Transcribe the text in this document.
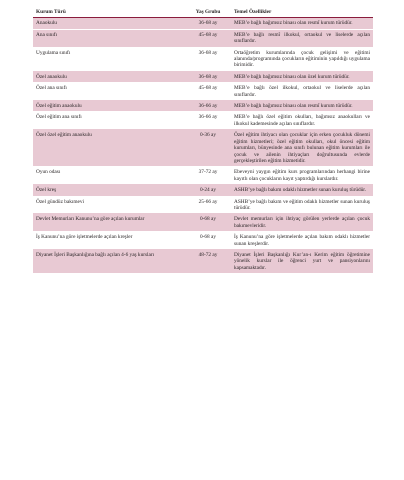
Kurum Türü	Yaş Grubu	Temel Özellikler
Anaokulu	36-68 ay	MEB’e bağlı bağımsız binası olan resmî kurum türüdür.
Ana sınıfı	45-68 ay	MEB’e bağlı resmî ilkokul, ortaokul ve liselerde açılan sınıflardır.
Uygulama sınıfı	36-68 ay	Ortaöğretim kurumlarında çocuk gelişimi ve eğitimi alanında/programında çocukların eğitiminin yapıldığı uygulama birimidir.
Özel anaokulu	36-68 ay	MEB’e bağlı bağımsız binası olan özel kurum türüdür.
Özel ana sınıfı	45-68 ay	MEB’e bağlı özel ilkokul, ortaokul ve liselerde açılan sınıflardır.
Özel eğitim anaokulu	36-66 ay	MEB’e bağlı bağımsız binası olan resmî kurum türüdür.
Özel eğitim ana sınıfı	36-66 ay	MEB’e bağlı özel eğitim okulları, bağımsız anaokulları ve ilkokul kademesinde açılan sınıflardır.
Özel özel eğitim anaokulu	0-36 ay	Özel eğitim ihtiyacı olan çocuklar için erken çocukluk dönemi eğitim hizmetleri; özel eğitim okulları, okul öncesi eğitim kurumları, bünyesinde ana sınıfı bulunan eğitim kurumları ile çocuk ve ailenin ihtiyaçları doğrultusunda evlerde gerçekleştirilen eğitim hizmetidir.
Oyun odası	37-72 ay	Ebeveyni yaygın eğitim kurs programlarından herhangi birine kayıtlı olan çocukların kayıt yaptırdığı kurslardır.
Özel kreş	0-24 ay	ASHB’ye bağlı bakım odaklı hizmetler sunan kuruluş türüdür.
Özel gündüz bakımevi	25-66 ay	ASHB’ye bağlı bakım ve eğitim odaklı hizmetler sunan kuruluş türüdür.
Devlet Memurları Kanunu’na göre açılan kurumlar	0-68 ay	Devlet memurları için ihtiyaç görülen yerlerde açılan çocuk bakımevleridir.
İş Kanunu’na göre işletmelerde açılan kreşler	0-68 ay	İş Kanunu’na göre işletmelerde açılan bakım odaklı hizmetler sunan kreşlerdir.
Diyanet İşleri Başkanlığına bağlı açılan 4-6 yaş kursları	48-72 ay	Diyanet İşleri Başkanlığı Kur’an-ı Kerim eğitim öğretimine yönelik kurslar ile öğrenci yurt ve pansiyonlarını kapsamaktadır.
